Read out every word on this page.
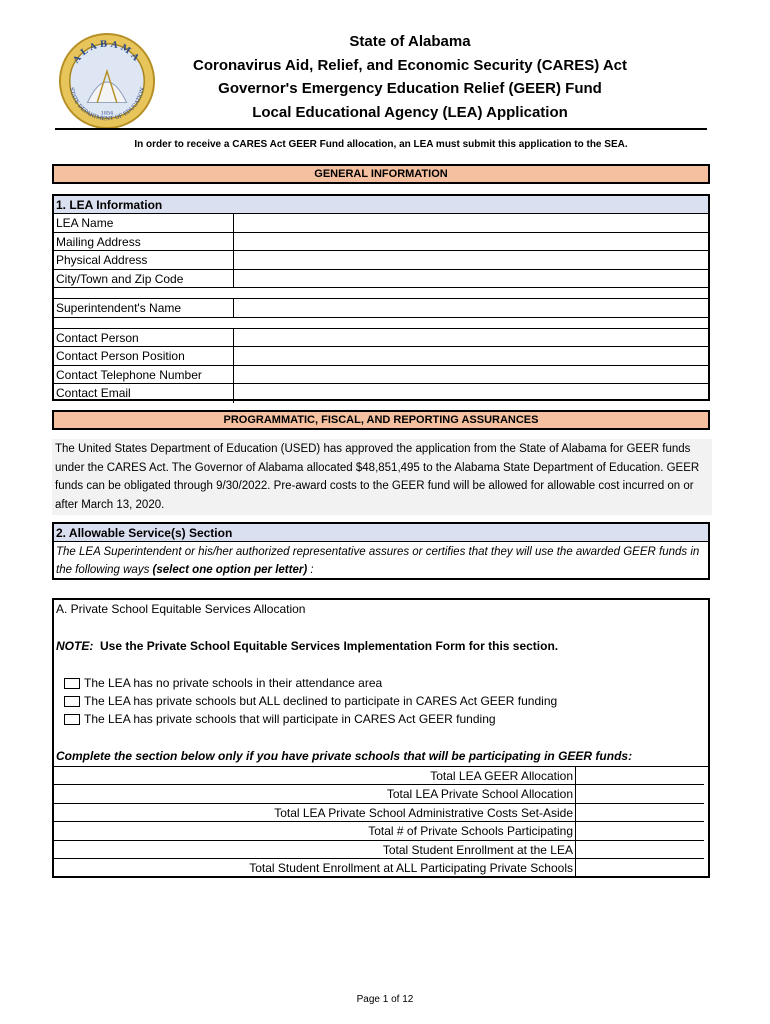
ALABAMA
STATE DEPARTMENT OF EDUCATION
1854
State of Alabama
Coronavirus Aid, Relief, and Economic Security (CARES) Act
Governor's Emergency Education Relief (GEER) Fund
Local Educational Agency (LEA) Application
In order to receive a CARES Act GEER Fund allocation, an LEA must submit this application to the SEA.
GENERAL INFORMATION
1. LEA Information
LEA Name
Mailing Address
Physical Address
City/Town and Zip Code
Superintendent's Name
Contact Person
Contact Person Position
Contact Telephone Number
Contact Email
PROGRAMMATIC, FISCAL, AND REPORTING ASSURANCES
The United States Department of Education (USED) has approved the application from the State of Alabama for GEER funds under the CARES Act. The Governor of Alabama allocated $48,851,495 to the Alabama State Department of Education. GEER funds can be obligated through 9/30/2022. Pre-award costs to the GEER fund will be allowed for allowable cost incurred on or after March 13, 2020.
2. Allowable Service(s) Section
The LEA Superintendent or his/her authorized representative assures or certifies that they will use the awarded GEER funds in the following ways (select one option per letter) :
A. Private School Equitable Services Allocation
NOTE: Use the Private School Equitable Services Implementation Form for this section.
The LEA has no private schools in their attendance area
The LEA has private schools but ALL declined to participate in CARES Act GEER funding
The LEA has private schools that will participate in CARES Act GEER funding
Complete the section below only if you have private schools that will be participating in GEER funds:
Total LEA GEER Allocation
Total LEA Private School Allocation
Total LEA Private School Administrative Costs Set-Aside
Total # of Private Schools Participating
Total Student Enrollment at the LEA
Total Student Enrollment at ALL Participating Private Schools
Page 1 of 12
